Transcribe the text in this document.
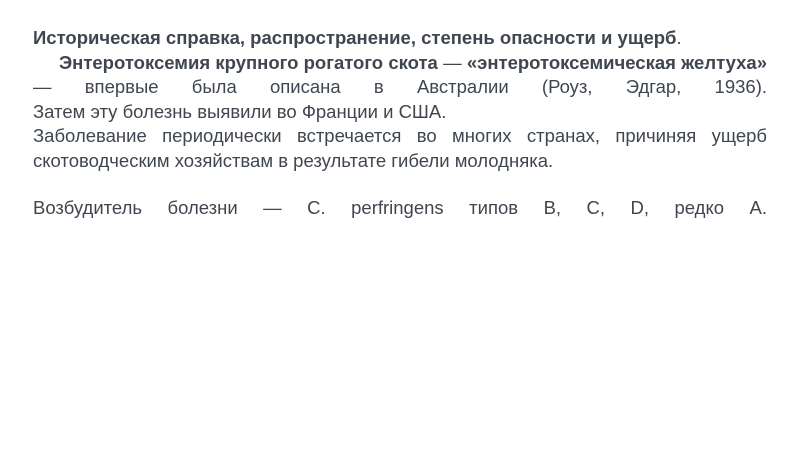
Историческая справка, распространение, степень опасности и ущерб.

Энтеротоксемия крупного рогатого скота — «энтеротоксемическая желтуха» — впервые была описана в Австралии (Роуз, Эдгар, 1936).

Затем эту болезнь выявили во Франции и США.

Заболевание периодически встречается во многих странах, причиняя ущерб скотоводческим хозяйствам в результате гибели молодняка.

Возбудитель болезни — C. perfringens типов B, C, D, редко A.
